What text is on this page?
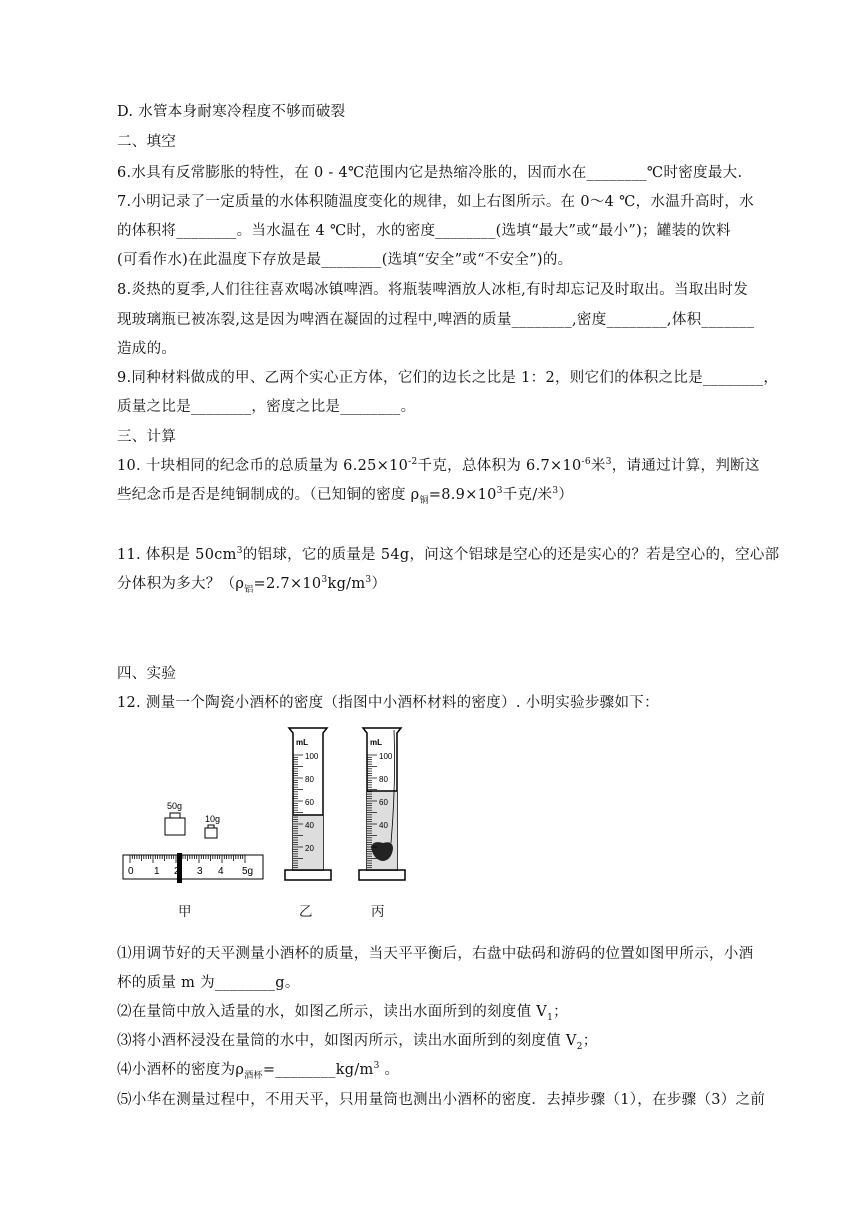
D. 水管本身耐寒冷程度不够而破裂
二、填空
6.水具有反常膨胀的特性，在 0 - 4℃范围内它是热缩冷胀的，因而水在________℃时密度最大.
7.小明记录了一定质量的水体积随温度变化的规律，如上右图所示。在 0～4 ℃，水温升高时，水
的体积将________。当水温在 4 ℃时，水的密度________(选填“最大”或“最小”)；罐装的饮料
(可看作水)在此温度下存放是最________(选填“安全”或“不安全”)的。
8.炎热的夏季,人们往往喜欢喝冰镇啤酒。将瓶装啤酒放人冰柜,有时却忘记及时取出。当取出时发
现玻璃瓶已被冻裂,这是因为啤酒在凝固的过程中,啤酒的质量________,密度________,体积_______
造成的。
9.同种材料做成的甲、乙两个实心正方体，它们的边长之比是 1：2，则它们的体积之比是________，
质量之比是________，密度之比是________。
三、计算
10. 十块相同的纪念币的总质量为 $6.25\times 10^{-2}$千克，总体积为 $6.7\times 10^{-6}$米$^3$，请通过计算，判断这
些纪念币是否是纯铜制成的。（已知铜的密度 $\rho_铜=8.9\times 10^3$千克/米$^3$）
11. 体积是 $50cm^3$的铝球，它的质量是 54g，问这个铝球是空心的还是实心的？若是空心的，空心部
分体积为多大？$(\rho_铝=2.7\times 10^3kg/m^3)$
四、实验
12. 测量一个陶瓷小酒杯的密度（指图中小酒杯材料的密度）. 小明实验步骤如下：
50g
10g
0 1 2 3 4 5g
mL
100
80
60
40
20
mL
100
80
60
40
甲	乙	丙
⑴用调节好的天平测量小酒杯的质量，当天平平衡后，右盘中砝码和游码的位置如图甲所示，小酒
杯的质量 m 为________g。
⑵在量筒中放入适量的水，如图乙所示，读出水面所到的刻度值 $V_1$；
⑶将小酒杯浸没在量筒的水中，如图丙所示，读出水面所到的刻度值 $V_2$；
⑷小酒杯的密度为$\rho_{酒杯}=\_\_\_\_\_\_\_\_kg/m^3$ 。
⑸小华在测量过程中，不用天平，只用量筒也测出小酒杯的密度．去掉步骤（1），在步骤（3）之前
